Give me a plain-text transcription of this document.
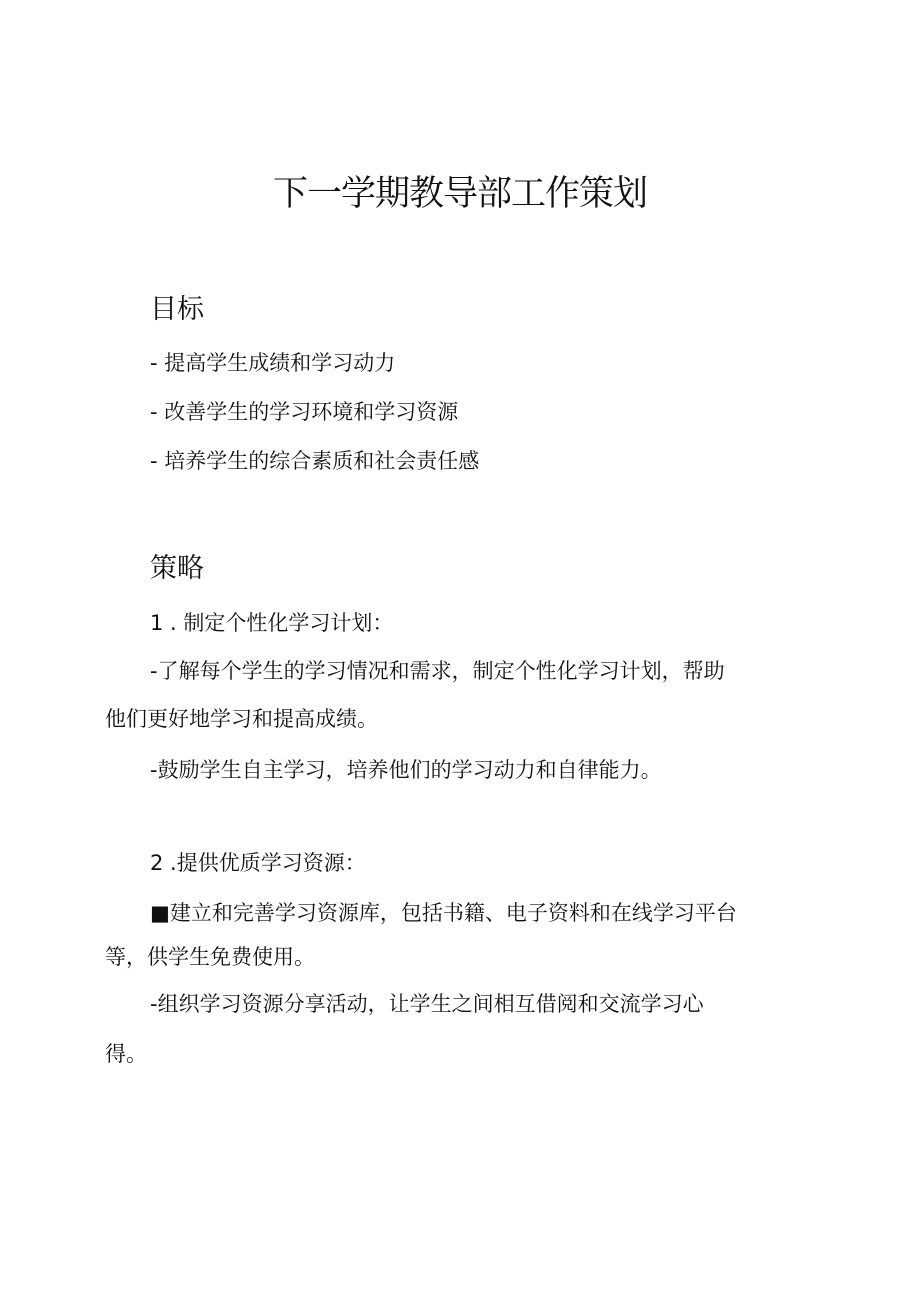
下一学期教导部工作策划
目标

- 提高学生成绩和学习动力

- 改善学生的学习环境和学习资源

- 培养学生的综合素质和社会责任感

策略

1 . 制定个性化学习计划：

-了解每个学生的学习情况和需求，制定个性化学习计划，帮助

他们更好地学习和提高成绩。

-鼓励学生自主学习，培养他们的学习动力和自律能力。

2 .提供优质学习资源：

■建立和完善学习资源库，包括书籍、电子资料和在线学习平台

等，供学生免费使用。

-组织学习资源分享活动，让学生之间相互借阅和交流学习心

得。
